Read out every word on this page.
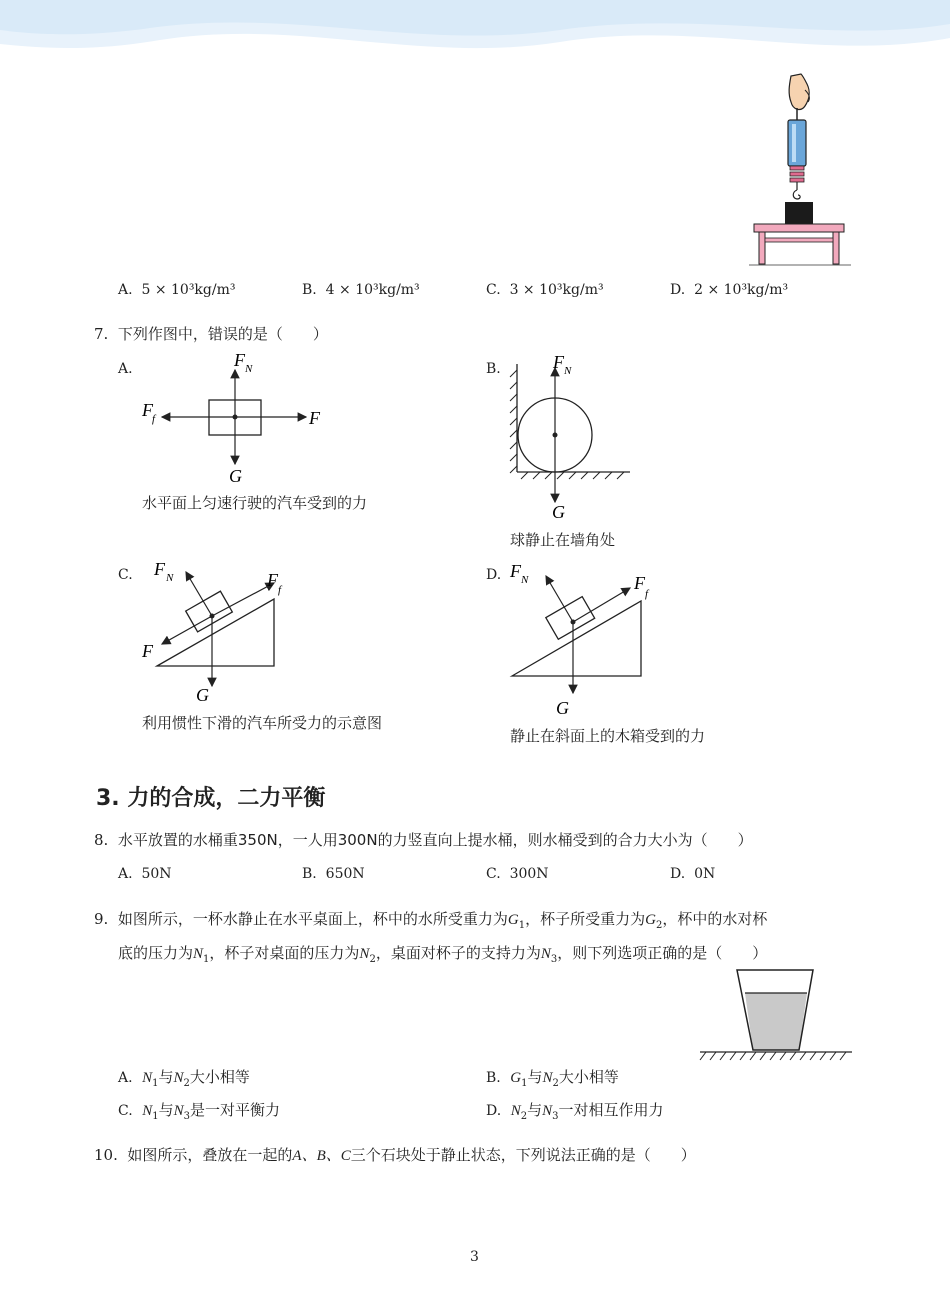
A. 5 × 10³kg/m³	B. 4 × 10³kg/m³	C. 3 × 10³kg/m³	D. 2 × 10³kg/m³
7. 下列作图中，错误的是（　　）
A.	F N
F f	F
G
水平面上匀速行驶的汽车受到的力
B.	F N
G
球静止在墙角处
C. F N	F f
F
G
利用惯性下滑的汽车所受力的示意图
D. F N	F
f
G
静止在斜面上的木箱受到的力
3. 力的合成，二力平衡
8. 水平放置的水桶重350N，一人用300N的力竖直向上提水桶，则水桶受到的合力大小为（　　）
A. 50N	B. 650N	C. 300N	D. 0N
9. 如图所示，一杯水静止在水平桌面上，杯中的水所受重力为$G_1$，杯子所受重力为$G_2$，杯中的水对杯
底的压力为$N_1$，杯子对桌面的压力为$N_2$，桌面对杯子的支持力为$N_3$，则下列选项正确的是（　　）
A. $N_1$与$N_2$大小相等	B. $G_1$与$N_2$大小相等
C. $N_1$与$N_3$是一对平衡力	D. $N_2$与$N_3$一对相互作用力
10. 如图所示，叠放在一起的A、B、C三个石块处于静止状态，下列说法正确的是（　　）
3
